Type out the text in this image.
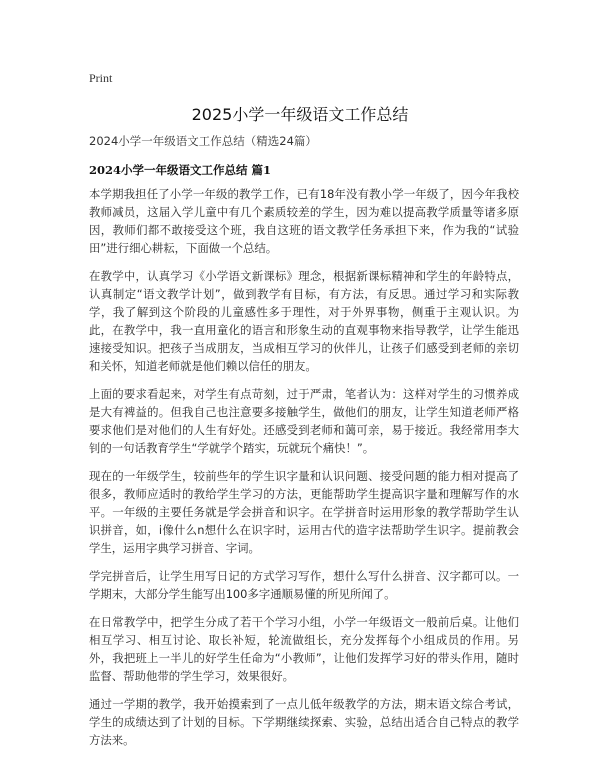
Print
2025小学一年级语文工作总结
2024小学一年级语文工作总结（精选24篇）
2024小学一年级语文工作总结 篇1

本学期我担任了小学一年级的教学工作，已有18年没有教小学一年级了，因今年我校教师减员，这届入学儿童中有几个素质较差的学生，因为难以提高教学质量等诸多原因，教师们都不敢接受这个班，我自这班的语文教学任务承担下来，作为我的“试验田”进行细心耕耘，下面做一个总结。

在教学中，认真学习《小学语文新课标》理念，根据新课标精神和学生的年龄特点，认真制定“语文教学计划”，做到教学有目标，有方法，有反思。通过学习和实际教学，我了解到这个阶段的儿童感性多于理性，对于外界事物，侧重于主观认识。为此，在教学中，我一直用童化的语言和形象生动的直观事物来指导教学，让学生能迅速接受知识。把孩子当成朋友，当成相互学习的伙伴儿，让孩子们感受到老师的亲切和关怀，知道老师就是他们赖以信任的朋友。

上面的要求看起来，对学生有点苛刻，过于严肃，笔者认为：这样对学生的习惯养成是大有裨益的。但我自己也注意要多接触学生，做他们的朋友，让学生知道老师严格要求他们是对他们的人生有好处。还感受到老师和蔼可亲，易于接近。我经常用李大钊的一句话教育学生“学就学个踏实，玩就玩个痛快！”。

现在的一年级学生，较前些年的学生识字量和认识问题、接受问题的能力相对提高了很多，教师应适时的教给学生学习的方法，更能帮助学生提高识字量和理解写作的水平。一年级的主要任务就是学会拼音和识字。在学拼音时运用形象的教学帮助学生认识拼音，如，i像什么n想什么在识字时，运用古代的造字法帮助学生识字。提前教会学生，运用字典学习拼音、字词。

学完拼音后，让学生用写日记的方式学习写作，想什么写什么拼音、汉字都可以。一学期末，大部分学生能写出100多字通顺易懂的所见所闻了。

在日常教学中，把学生分成了若干个学习小组，小学一年级语文一般前后桌。让他们相互学习、相互讨论、取长补短，轮流做组长，充分发挥每个小组成员的作用。另外，我把班上一半儿的好学生任命为“小教师”，让他们发挥学习好的带头作用，随时监督、帮助他带的学生学习，效果很好。

通过一学期的教学，我开始摸索到了一点儿低年级教学的方法，期末语文综合考试，学生的成绩达到了计划的目标。下学期继续探索、实验，总结出适合自己特点的教学方法来。
